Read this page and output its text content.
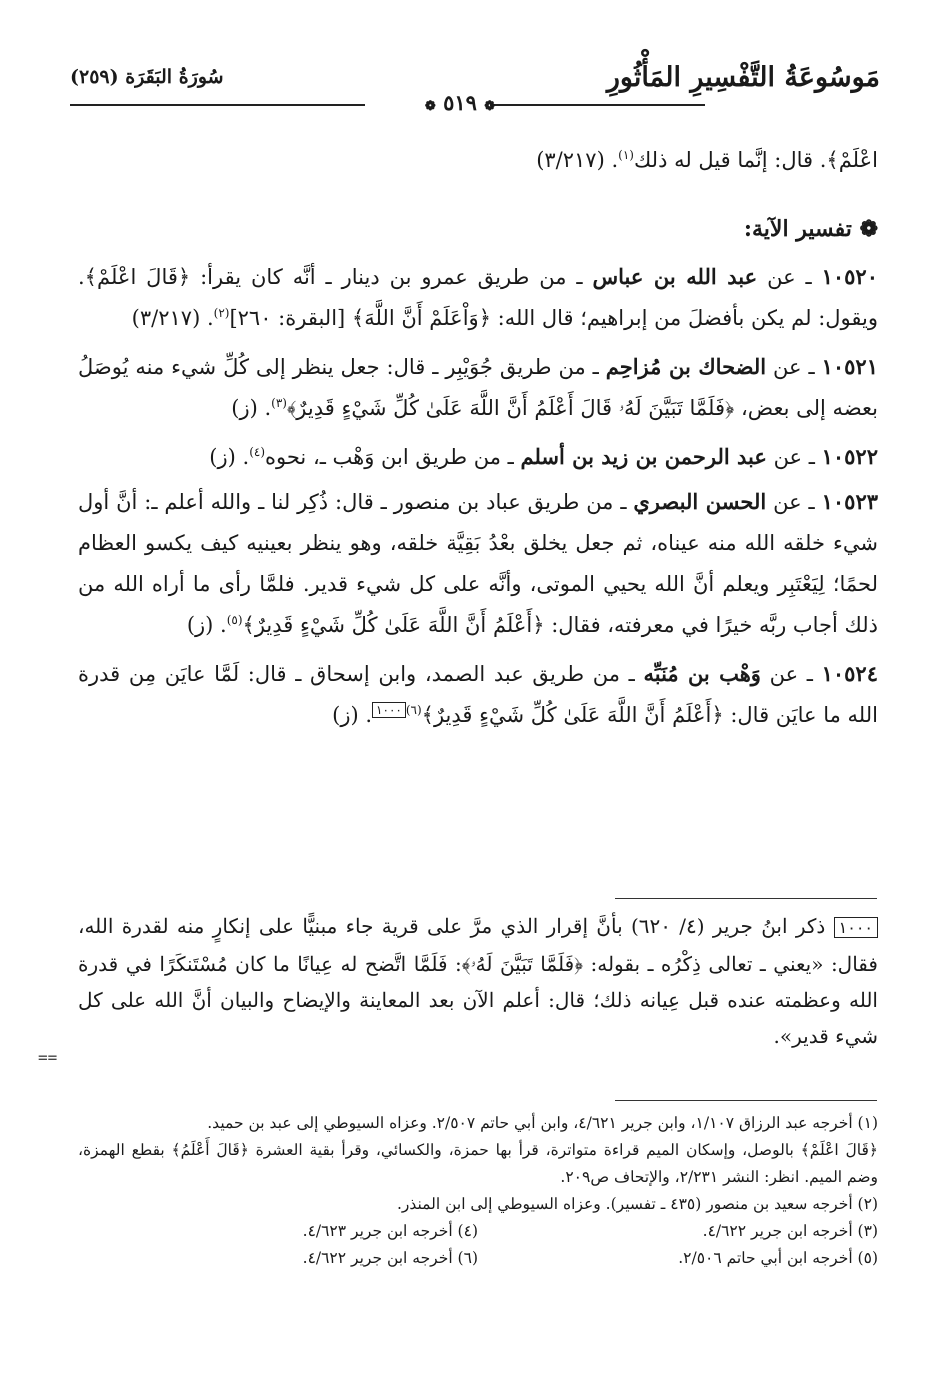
مَوسُوعَةُ التَّفْسِيرِ المَأْثُورِ
سُورَةُ البَقَرَة (٢٥٩)
❁ ٥١٩ ❁

اعْلَمْ﴾. قال: إنَّما قيل له ذلك$^{(١)}$. (٣/٢١٧)

❁ تفسير الآية:

١٠٥٢٠ ـ عن عبد الله بن عباس ـ من طريق عمرو بن دينار ـ أنَّه كان يقرأ: ﴿قَالَ اعْلَمْ﴾. ويقول: لم يكن بأفضلَ من إبراهيم؛ قال الله: ﴿وَاْعَلَمْ أَنَّ اللَّهَ﴾ [البقرة: ٢٦٠]$^{(٢)}$. (٣/٢١٧)

١٠٥٢١ ـ عن الضحاك بن مُزاحِم ـ من طريق جُوَيْبِر ـ قال: جعل ينظر إلى كُلِّ شيء منه يُوصَلُ بعضه إلى بعض، ﴿فَلَمَّا تَبَيَّنَ لَهُۥ قَالَ أَعْلَمُ أَنَّ اللَّهَ عَلَىٰ كُلِّ شَيْءٍ قَدِيرٌ﴾$^{(٣)}$. (ز)

١٠٥٢٢ ـ عن عبد الرحمن بن زيد بن أسلم ـ من طريق ابن وَهْب ـ، نحوه$^{(٤)}$. (ز)

١٠٥٢٣ ـ عن الحسن البصري ـ من طريق عباد بن منصور ـ قال: ذُكِر لنا ـ والله أعلم ـ: أنَّ أول شيء خلقه الله منه عيناه، ثم جعل يخلق بعْدُ بَقِيَّة خلقه، وهو ينظر بعينيه كيف يكسو العظام لحمًا؛ لِيَعْتَبِر ويعلم أنَّ الله يحيي الموتى، وأنَّه على كل شيء قدير. فلمَّا رأى ما أراه الله من ذلك أجاب ربَّه خيرًا في معرفته، فقال: ﴿أَعْلَمُ أَنَّ اللَّهَ عَلَىٰ كُلِّ شَيْءٍ قَدِيرٌ﴾$^{(٥)}$. (ز)

١٠٥٢٤ ـ عن وَهْب بن مُنَبِّه ـ من طريق عبد الصمد، وابن إسحاق ـ قال: لَمَّا عايَن مِن قدرة الله ما عايَن قال: ﴿أَعْلَمُ أَنَّ اللَّهَ عَلَىٰ كُلِّ شَيْءٍ قَدِيرٌ﴾$^{(٦)١٠٠٠}$. (ز)

١٠٠٠ ذكر ابنُ جرير (٤/ ٦٢٠) بأنَّ إقرار الذي مرَّ على قرية جاء مبنيًّا على إنكارٍ منه لقدرة الله، فقال: «يعني ـ تعالى ذِكْرُه ـ بقوله: ﴿فَلَمَّا تَبَيَّنَ لَهُۥ﴾: فَلَمَّا اتَّضح له عِيانًا ما كان مُسْتَنكَرًا في قدرة الله وعظمته عنده قبل عِيانه ذلك؛ قال: أعلم الآن بعد المعاينة والإيضاح والبيان أنَّ الله على كل شيء قدير».

==

(١) أخرجه عبد الرزاق ١/١٠٧، وابن جرير ٤/٦٢١، وابن أبي حاتم ٢/٥٠٧. وعزاه السيوطي إلى عبد بن حميد.

﴿قَالَ اعْلَمْ﴾ بالوصل، وإسكان الميم قراءة متواترة، قرأ بها حمزة، والكسائي، وقرأ بقية العشرة ﴿قَالَ أَعْلَمُ﴾ بقطع الهمزة، وضم الميم. انظر: النشر ٢/٢٣١، والإتحاف ص٢٠٩.

(٢) أخرجه سعيد بن منصور (٤٣٥ ـ تفسير). وعزاه السيوطي إلى ابن المنذر.

(٣) أخرجه ابن جرير ٤/٦٢٢.
(٤) أخرجه ابن جرير ٤/٦٢٣.
(٥) أخرجه ابن أبي حاتم ٢/٥٠٦.
(٦) أخرجه ابن جرير ٤/٦٢٢.
